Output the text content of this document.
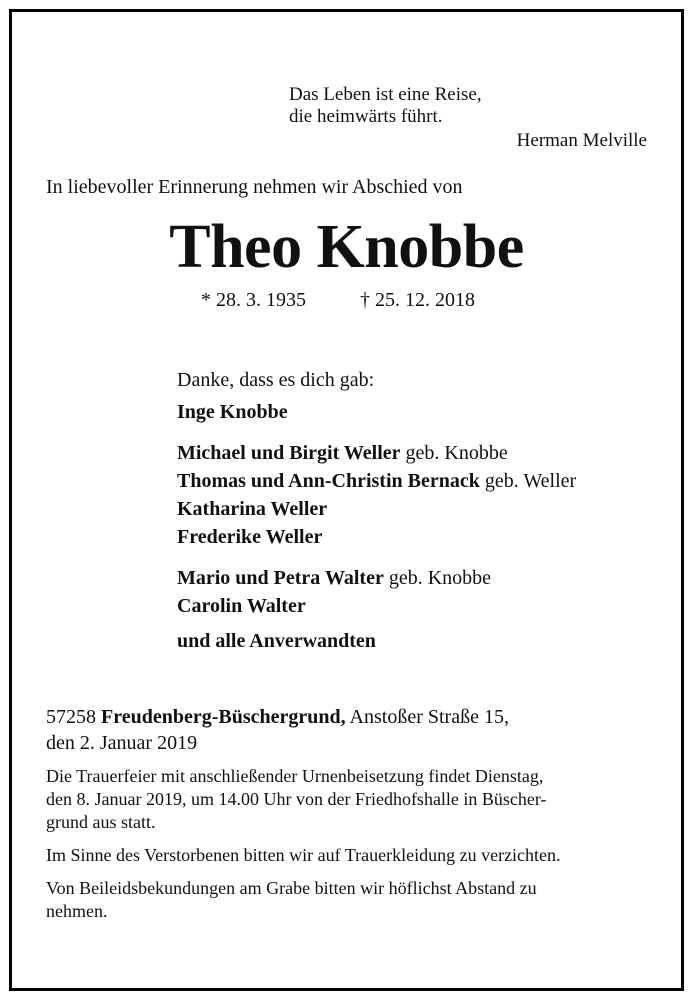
Das Leben ist eine Reise,
die heimwärts führt.
Herman Melville
In liebevoller Erinnerung nehmen wir Abschied von
Theo Knobbe
* 28. 3. 1935	† 25. 12. 2018
Danke, dass es dich gab:
Inge Knobbe
Michael und Birgit Weller geb. Knobbe
Thomas und Ann-Christin Bernack geb. Weller
Katharina Weller
Frederike Weller
Mario und Petra Walter geb. Knobbe
Carolin Walter
und alle Anverwandten
57258 Freudenberg-Büschergrund, Anstoßer Straße 15,
den 2. Januar 2019
Die Trauerfeier mit anschließender Urnenbeisetzung findet Dienstag,
den 8. Januar 2019, um 14.00 Uhr von der Friedhofshalle in Büscher-
grund aus statt.
Im Sinne des Verstorbenen bitten wir auf Trauerkleidung zu verzichten.
Von Beileidsbekundungen am Grabe bitten wir höflichst Abstand zu
nehmen.
